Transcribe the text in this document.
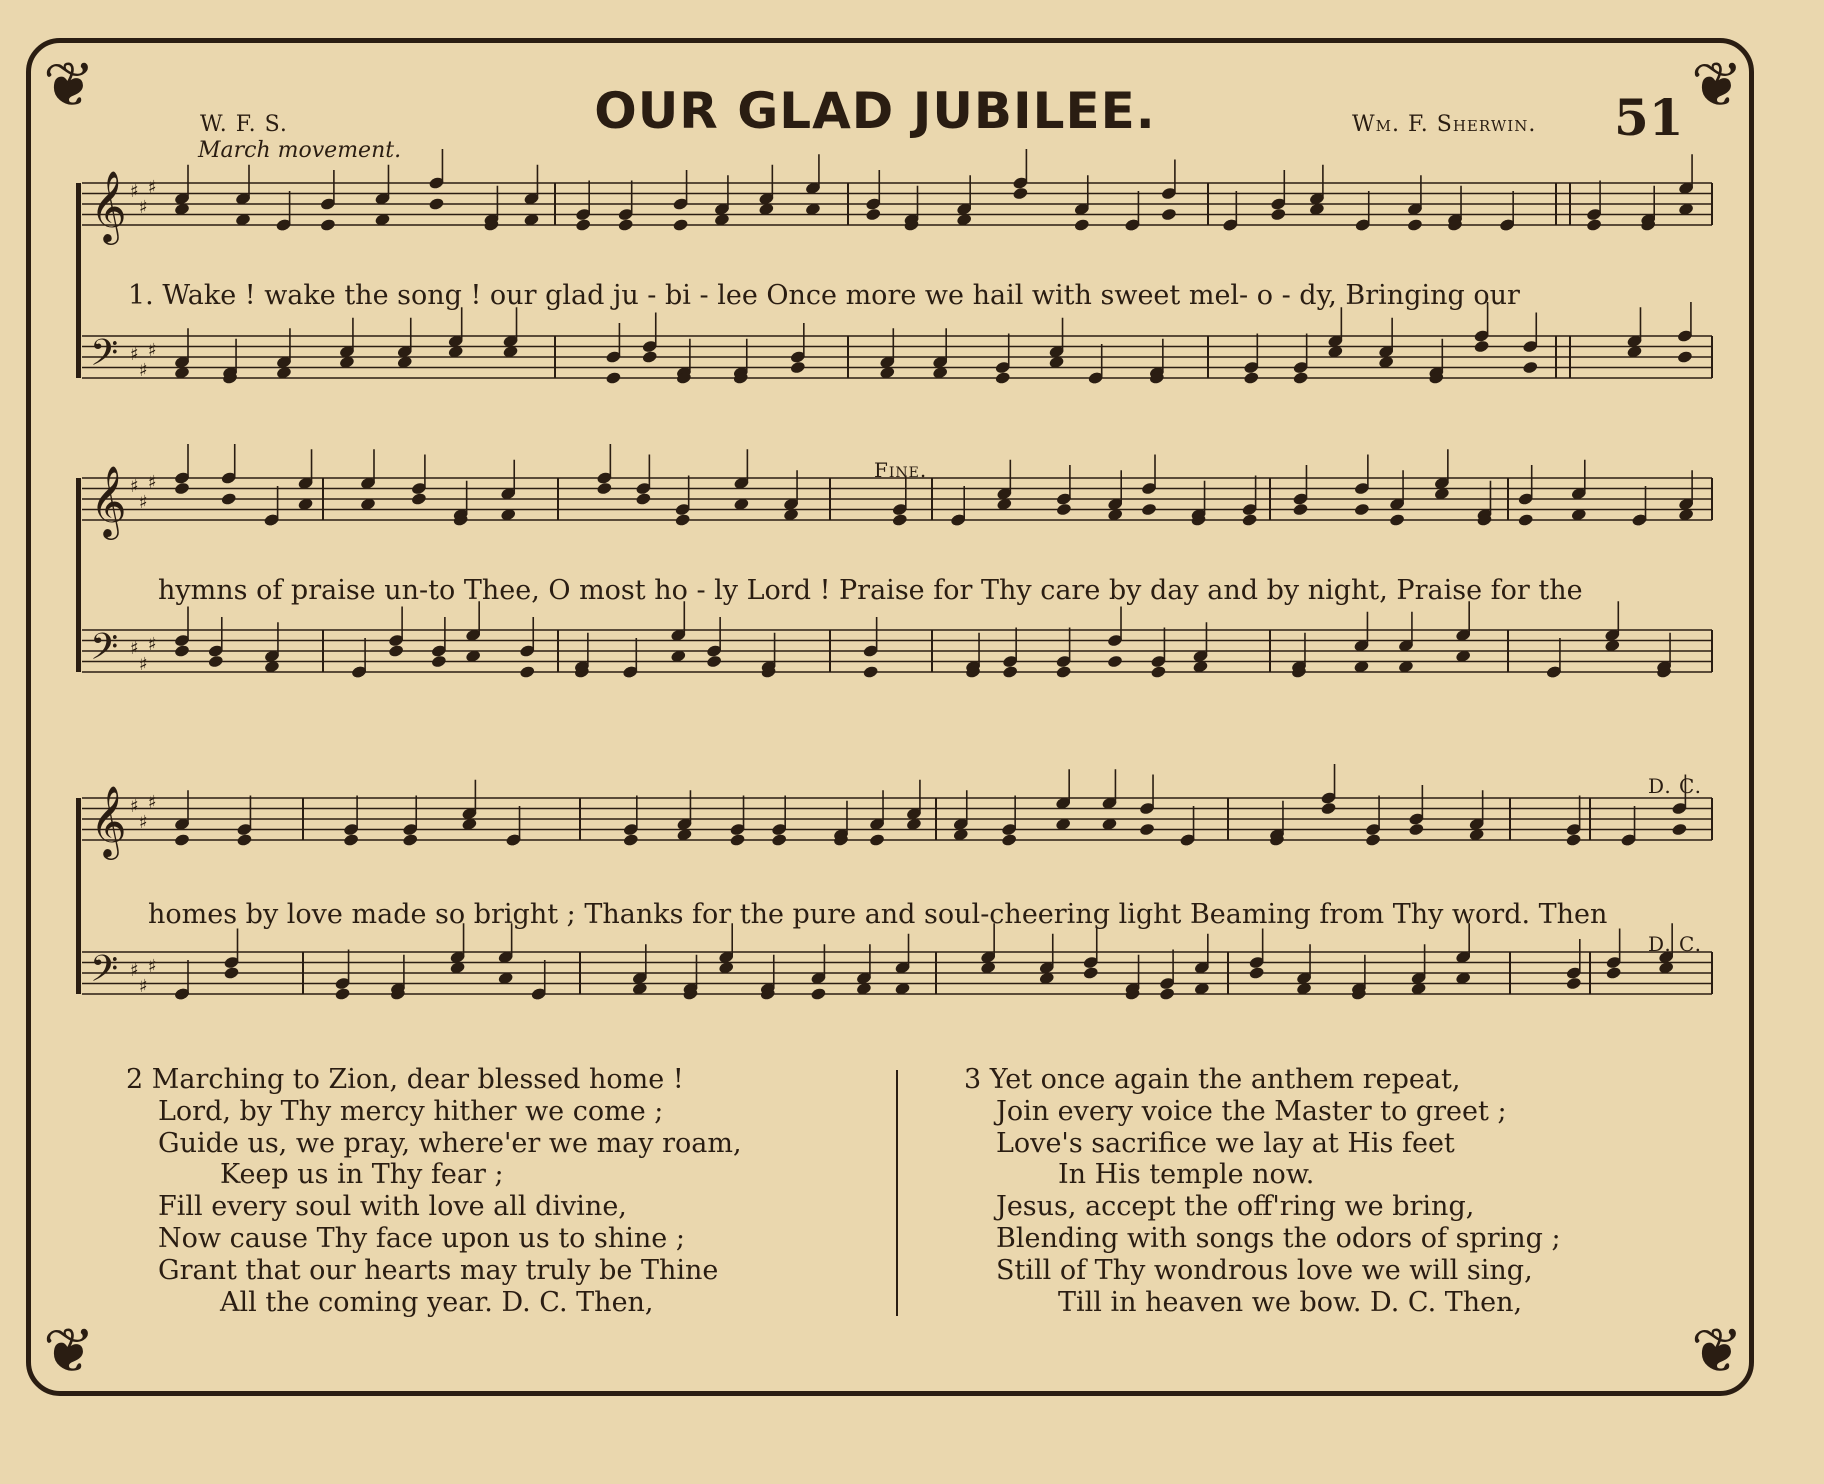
❦	❦
❦	❦
W. F. S.
March movement.
OUR GLAD JUBILEE.	Wm. F. Sherwin. 51
𝄞 ♯
♯
♯
𝄢 ♯
♯
♯
𝄞 ♯
♯
♯
𝄢 ♯
♯
♯
𝄞 ♯
♯
♯
𝄢 ♯
♯
♯
1. Wake ! wake the song ! our glad ju - bi - lee Once more we hail with sweet mel- o - dy, Bringing our
hymns of praise un-to Thee, O most ho - ly Lord ! Praise for Thy care by day and by night, Praise for the
homes by love made so bright ; Thanks for the pure and soul-cheering light Beaming from Thy word. Then
Fine.
D. C.
D. C.
2 Marching to Zion, dear blessed home !
Lord, by Thy mercy hither we come ;
Guide us, we pray, where'er we may roam,
Keep us in Thy fear ;
Fill every soul with love all divine,
Now cause Thy face upon us to shine ;
Grant that our hearts may truly be Thine
All the coming year. D. C. Then,
3 Yet once again the anthem repeat,
Join every voice the Master to greet ;
Love's sacrifice we lay at His feet
In His temple now.
Jesus, accept the off'ring we bring,
Blending with songs the odors of spring ;
Still of Thy wondrous love we will sing,
Till in heaven we bow. D. C. Then,
